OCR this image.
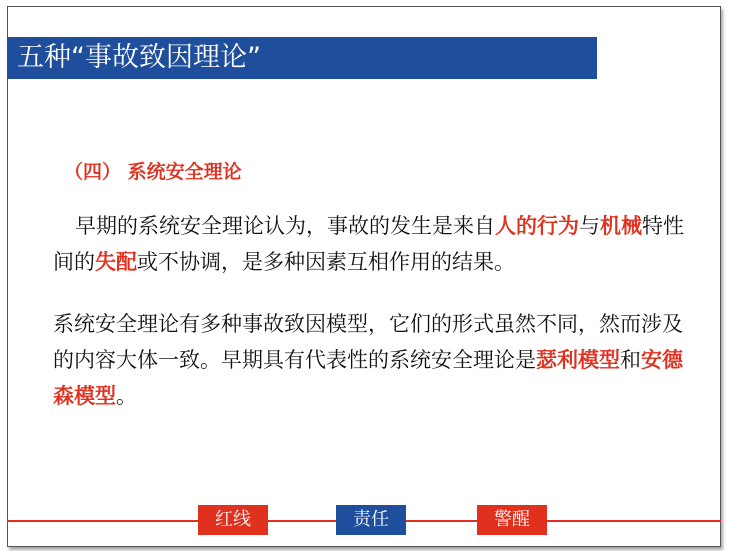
五种“事故致因理论”
（四） 系统安全理论
早期的系统安全理论认为，事故的发生是来自人的行为与机械特性间的失配或不协调，是多种因素互相作用的结果。
系统安全理论有多种事故致因模型，它们的形式虽然不同，然而涉及的内容大体一致。早期具有代表性的系统安全理论是瑟利模型和安德森模型。
红线	责任	警醒
